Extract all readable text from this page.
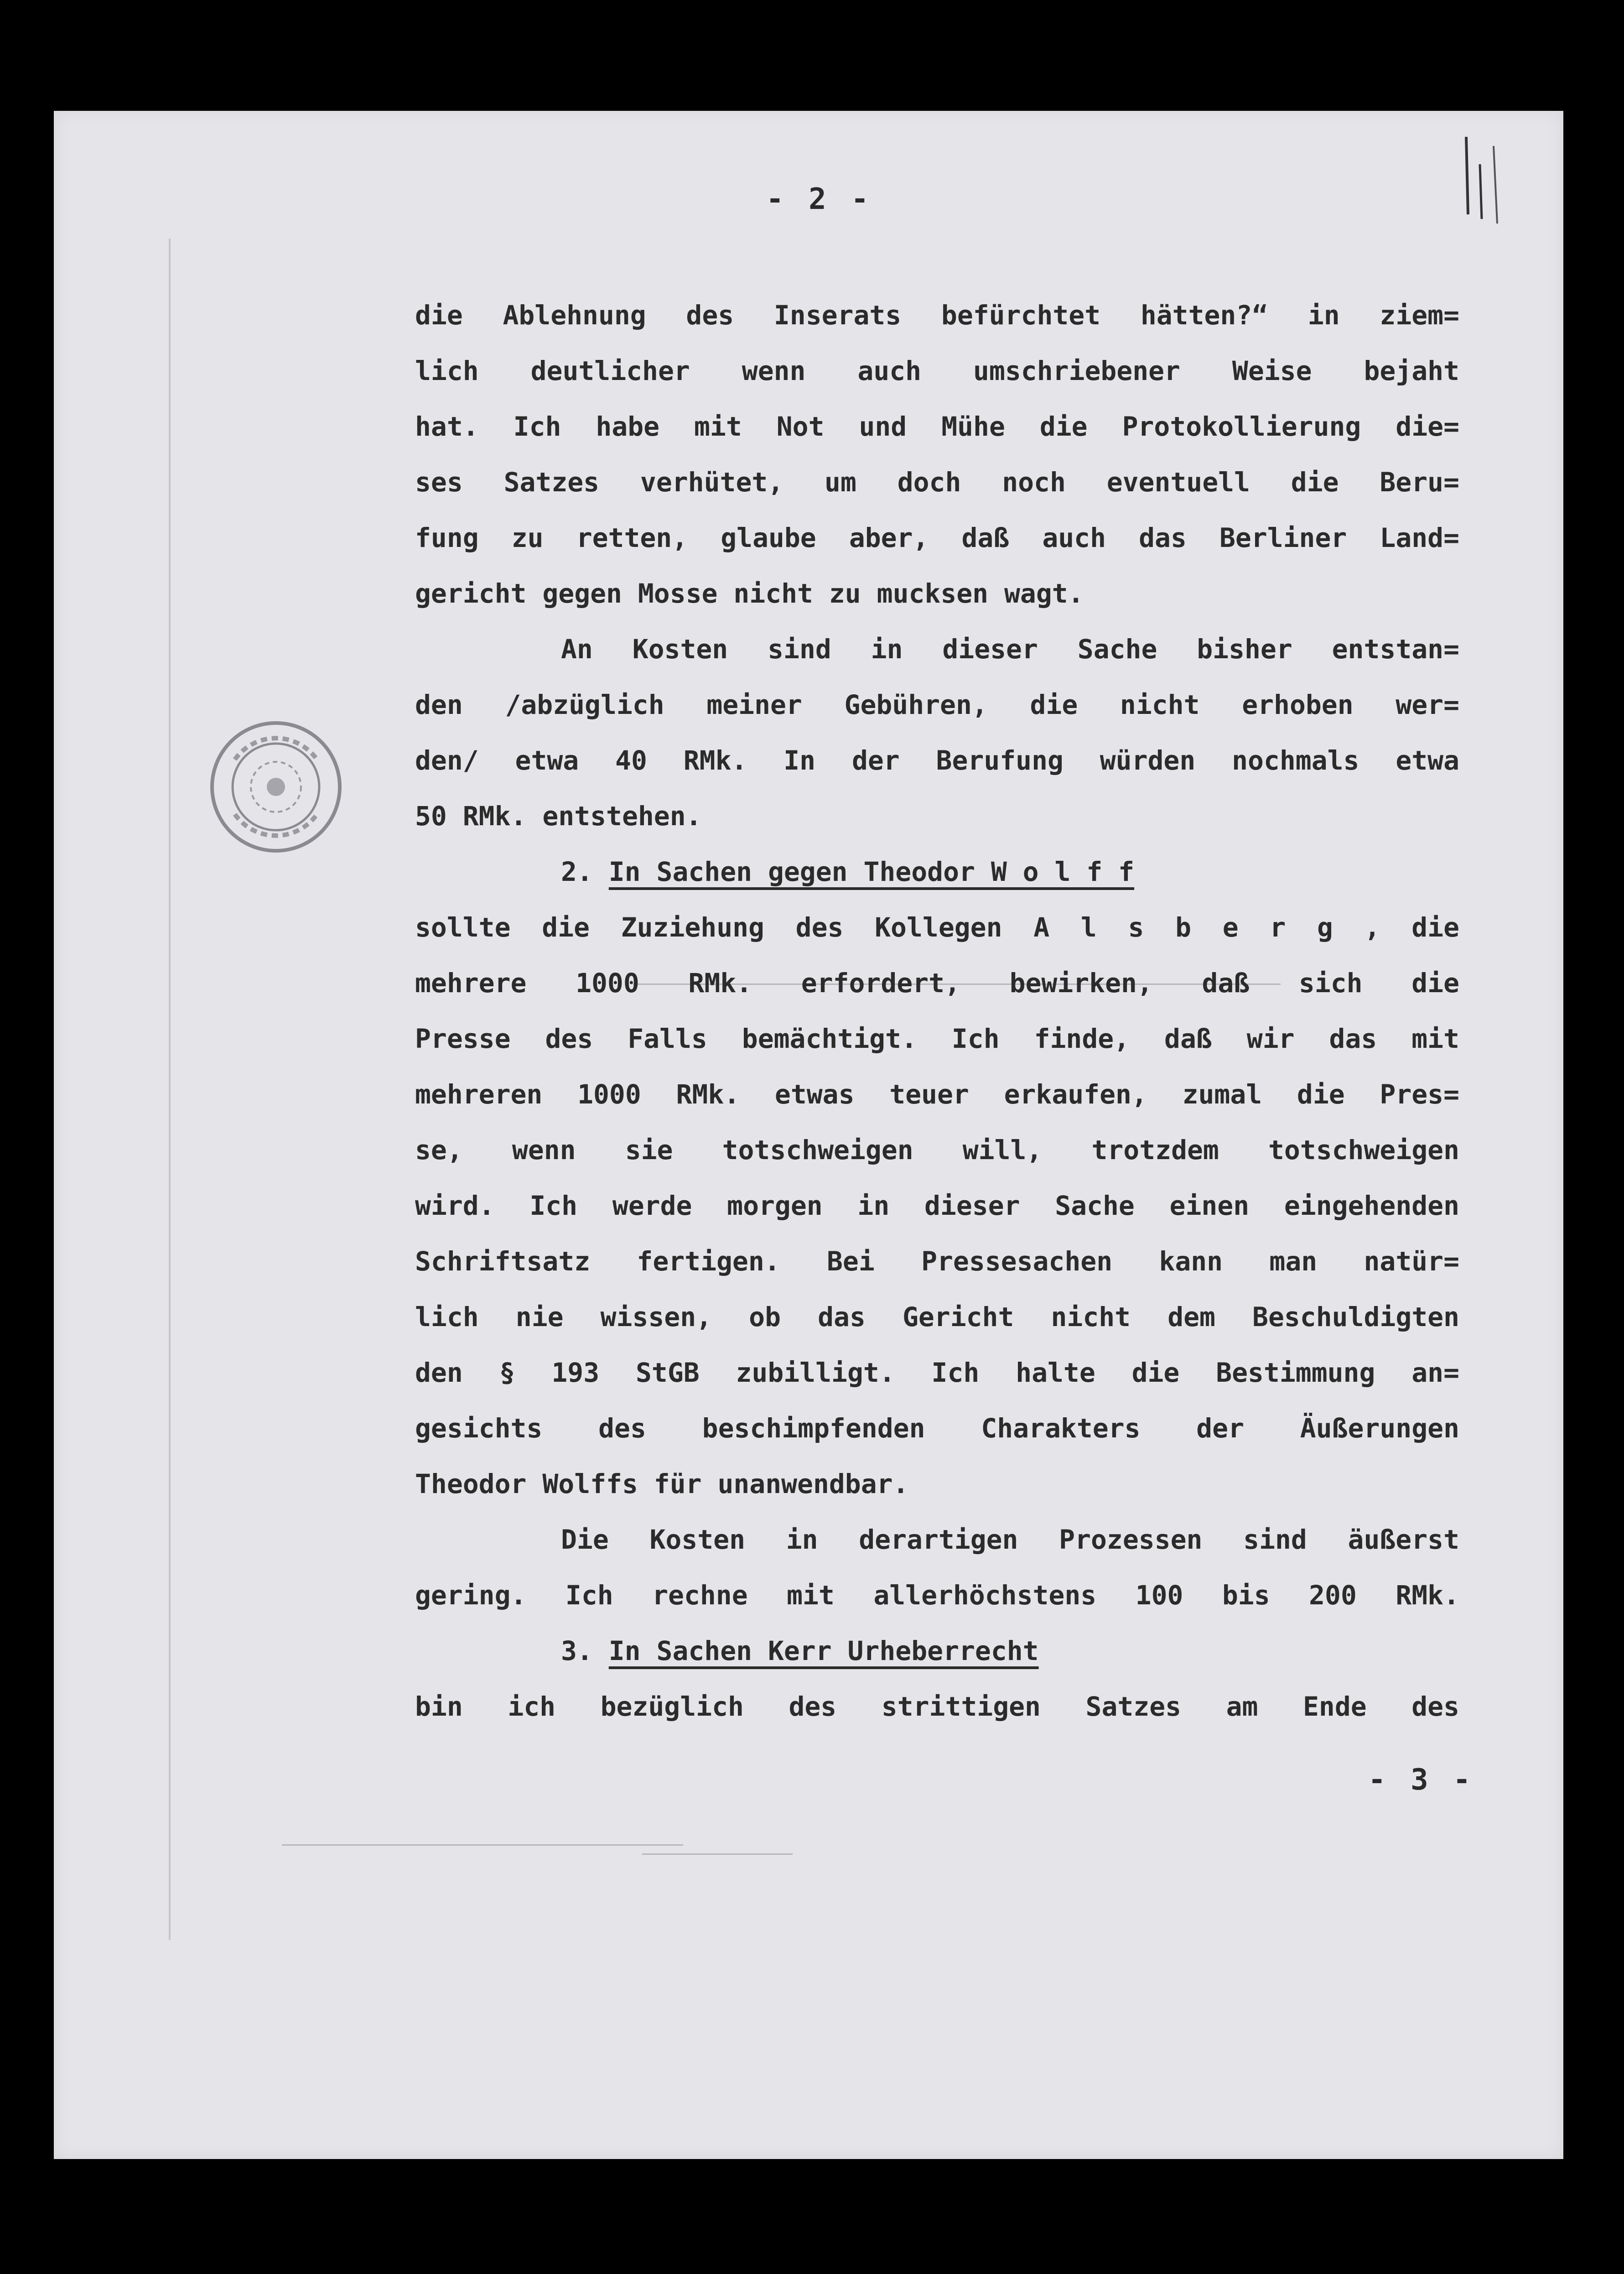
- 2 -
die Ablehnung des Inserats befürchtet hätten?“ in ziem=
lich deutlicher wenn auch umschriebener Weise bejaht
hat. Ich habe mit Not und Mühe die Protokollierung die=
ses Satzes verhütet, um doch noch eventuell die Beru=
fung zu retten, glaube aber, daß auch das Berliner Land=
gericht gegen Mosse nicht zu mucksen wagt.
An Kosten sind in dieser Sache bisher entstan=
den /abzüglich meiner Gebühren, die nicht erhoben wer=
den/ etwa 40 RMk. In der Berufung würden nochmals etwa
50 RMk. entstehen.
2. In Sachen gegen Theodor W o l f f
sollte die Zuziehung des Kollegen A l s b e r g , die
mehrere 1000 RMk. erfordert, bewirken, daß sich die
Presse des Falls bemächtigt. Ich finde, daß wir das mit
mehreren 1000 RMk. etwas teuer erkaufen, zumal die Pres=
se, wenn sie totschweigen will, trotzdem totschweigen
wird. Ich werde morgen in dieser Sache einen eingehenden
Schriftsatz fertigen. Bei Pressesachen kann man natür=
lich nie wissen, ob das Gericht nicht dem Beschuldigten
den § 193 StGB zubilligt. Ich halte die Bestimmung an=
gesichts des beschimpfenden Charakters der Äußerungen
Theodor Wolffs für unanwendbar.
Die Kosten in derartigen Prozessen sind äußerst
gering. Ich rechne mit allerhöchstens 100 bis 200 RMk.
3. In Sachen Kerr Urheberrecht
bin ich bezüglich des strittigen Satzes am Ende des
- 3 -
